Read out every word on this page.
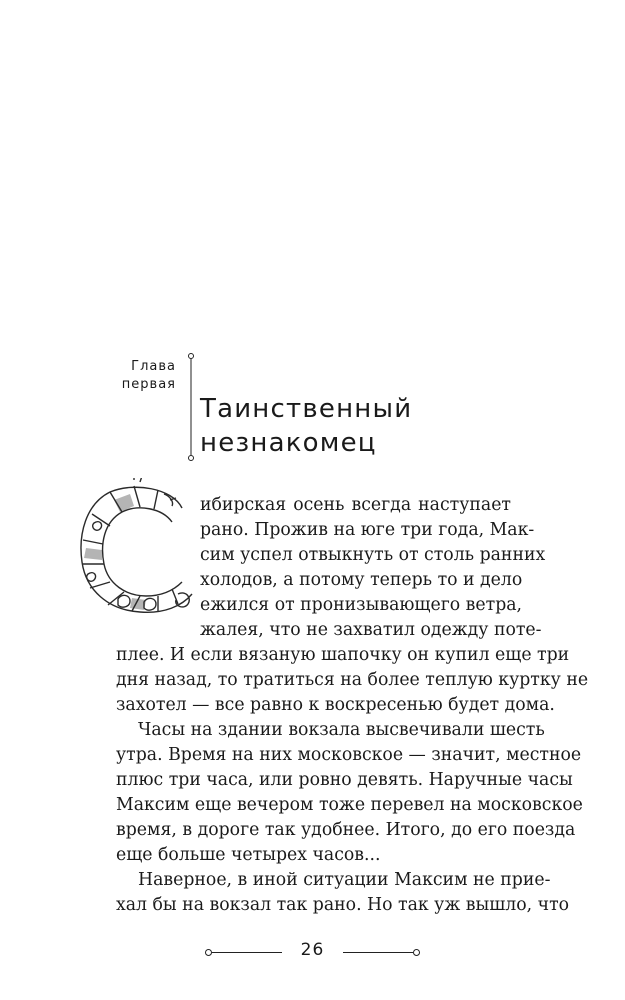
Глава
первая
Таинственный
незнакомец
ибирская осень всегда наступает
рано. Прожив на юге три года, Мак-
сим успел отвыкнуть от столь ранних
холодов, а потому теперь то и дело
ежился от пронизывающего ветра,
жалея, что не захватил одежду поте-
плее. И если вязаную шапочку он купил еще три
дня назад, то тратиться на более теплую куртку не
захотел — все равно к воскресенью будет дома.
Часы на здании вокзала высвечивали шесть
утра. Время на них московское — значит, местное
плюс три часа, или ровно девять. Наручные часы
Максим еще вечером тоже перевел на московское
время, в дороге так удобнее. Итого, до его поезда
еще больше четырех часов...
Наверное, в иной ситуации Максим не прие-
хал бы на вокзал так рано. Но так уж вышло, что
26
